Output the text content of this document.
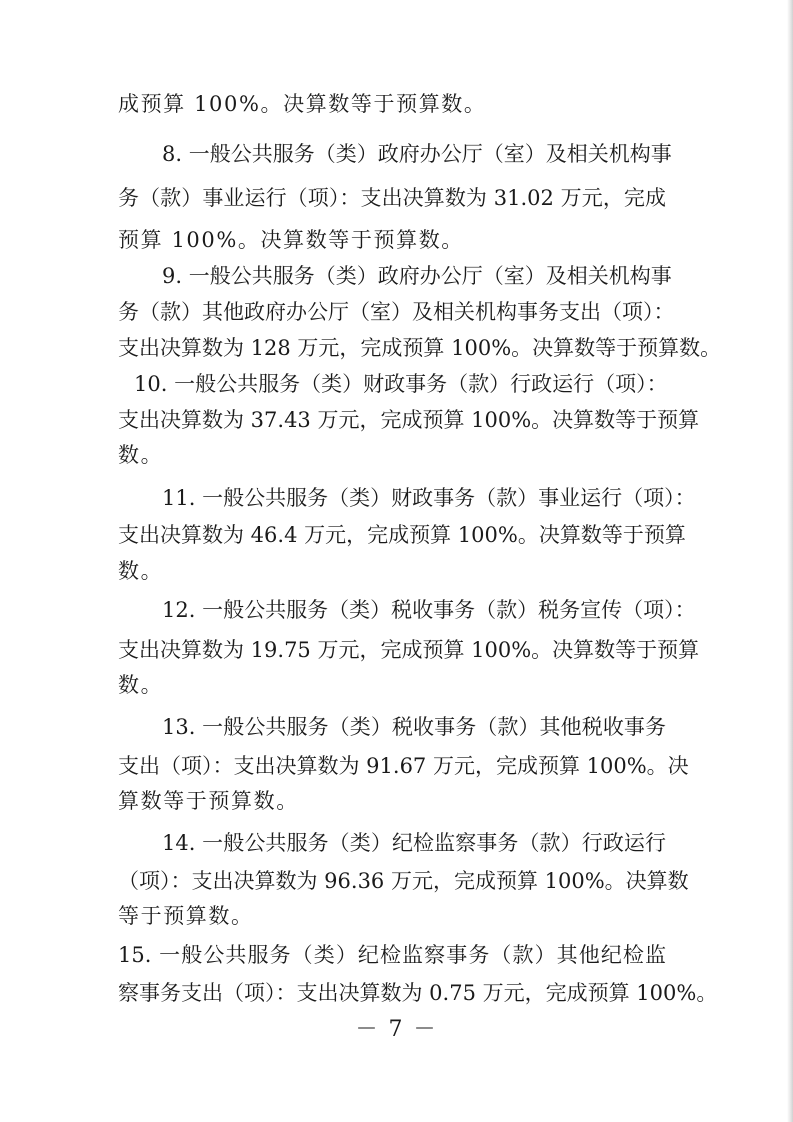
成预算 100%。决算数等于预算数。
8. 一般公共服务（类）政府办公厅（室）及相关机构事
务（款）事业运行（项）：支出决算数为 31.02 万元，完成
预算 100%。决算数等于预算数。
9. 一般公共服务（类）政府办公厅（室）及相关机构事
务（款）其他政府办公厅（室）及相关机构事务支出（项）：
支出决算数为 128 万元，完成预算 100%。决算数等于预算数。
10. 一般公共服务（类）财政事务（款）行政运行（项）：
支出决算数为 37.43 万元，完成预算 100%。决算数等于预算
数。
11. 一般公共服务（类）财政事务（款）事业运行（项）：
支出决算数为 46.4 万元，完成预算 100%。决算数等于预算
数。
12. 一般公共服务（类）税收事务（款）税务宣传（项）：
支出决算数为 19.75 万元，完成预算 100%。决算数等于预算
数。
13. 一般公共服务（类）税收事务（款）其他税收事务
支出（项）：支出决算数为 91.67 万元，完成预算 100%。决
算数等于预算数。
14. 一般公共服务（类）纪检监察事务（款）行政运行
（项）：支出决算数为 96.36 万元，完成预算 100%。决算数
等于预算数。
15. 一般公共服务（类）纪检监察事务（款）其他纪检监
察事务支出（项）：支出决算数为 0.75 万元，完成预算 100%。
－ 7 －
